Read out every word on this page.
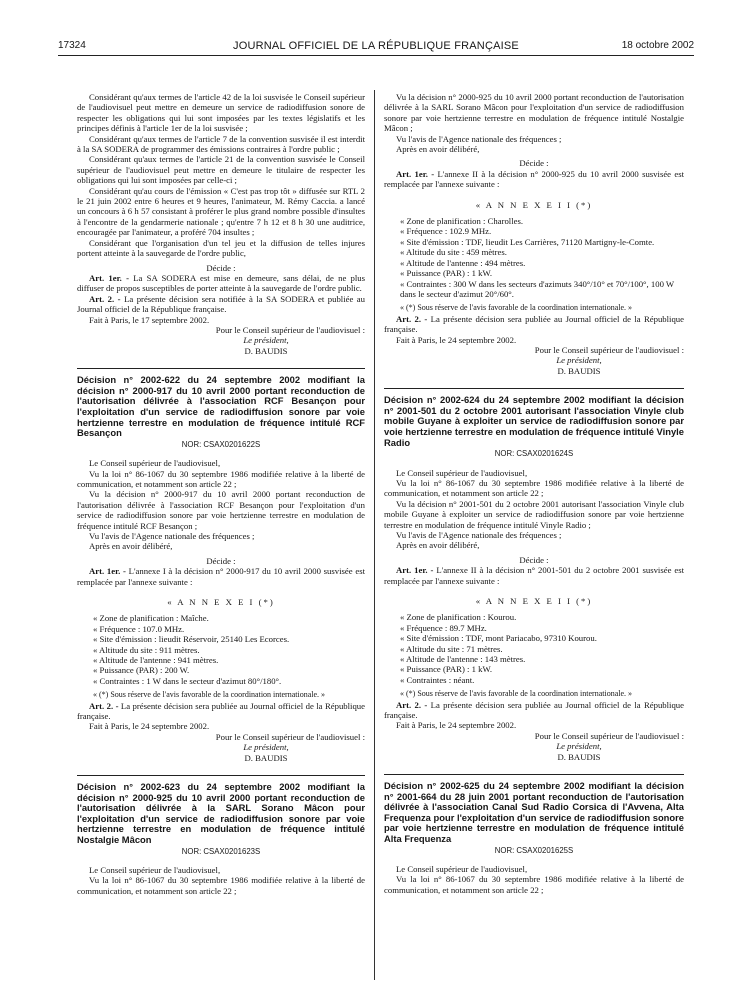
17324	JOURNAL OFFICIEL DE LA RÉPUBLIQUE FRANÇAISE	18 octobre 2002

Considérant qu'aux termes de l'article 42 de la loi susvisée le Conseil supérieur de l'audiovisuel peut mettre en demeure un service de radiodiffusion sonore de respecter les obligations qui lui sont imposées par les textes législatifs et les principes définis à l'article 1er de la loi susvisée ;

Considérant qu'aux termes de l'article 7 de la convention susvisée il est interdit à la SA SODERA de programmer des émissions contraires à l'ordre public ;

Considérant qu'aux termes de l'article 21 de la convention susvisée le Conseil supérieur de l'audiovisuel peut mettre en demeure le titulaire de respecter les obligations qui lui sont imposées par celle-ci ;

Considérant qu'au cours de l'émission « C'est pas trop tôt » diffusée sur RTL 2 le 21 juin 2002 entre 6 heures et 9 heures, l'animateur, M. Rémy Caccia. a lancé un concours à 6 h 57 consistant à proférer le plus grand nombre possible d'insultes à l'encontre de la gendarmerie nationale ; qu'entre 7 h 12 et 8 h 30 une auditrice, encouragée par l'animateur, a proféré 704 insultes ;

Considérant que l'organisation d'un tel jeu et la diffusion de telles injures portent atteinte à la sauvegarde de l'ordre public,

Décide :

Art. 1er. - La SA SODERA est mise en demeure, sans délai, de ne plus diffuser de propos susceptibles de porter atteinte à la sauvegarde de l'ordre public.

Art. 2. - La présente décision sera notifiée à la SA SODERA et publiée au Journal officiel de la République française.

Fait à Paris, le 17 septembre 2002.

Pour le Conseil supérieur de l'audiovisuel :

Le président,

D. BAUDIS

Décision n° 2002-622 du 24 septembre 2002 modifiant la décision n° 2000-917 du 10 avril 2000 portant reconduction de l'autorisation délivrée à l'association RCF Besançon pour l'exploitation d'un service de radiodiffusion sonore par voie hertzienne terrestre en modulation de fréquence intitulé RCF Besançon

NOR: CSAX0201622S

Le Conseil supérieur de l'audiovisuel,

Vu la loi n° 86-1067 du 30 septembre 1986 modifiée relative à la liberté de communication, et notamment son article 22 ;

Vu la décision n° 2000-917 du 10 avril 2000 portant reconduction de l'autorisation délivrée à l'association RCF Besançon pour l'exploitation d'un service de radiodiffusion sonore par voie hertzienne terrestre en modulation de fréquence intitulé RCF Besançon ;

Vu l'avis de l'Agence nationale des fréquences ;

Après en avoir délibéré,

Décide :

Art. 1er. - L'annexe I à la décision n° 2000-917 du 10 avril 2000 susvisée est remplacée par l'annexe suivante :

« A N N E X E I (*)

« Zone de planification : Maîche.

« Fréquence : 107.0 MHz.

« Site d'émission : lieudit Réservoir, 25140 Les Ecorces.

« Altitude du site : 911 mètres.

« Altitude de l'antenne : 941 mètres.

« Puissance (PAR) : 200 W.

« Contraintes : 1 W dans le secteur d'azimut 80°/180°.

« (*) Sous réserve de l'avis favorable de la coordination internationale. »

Art. 2. - La présente décision sera publiée au Journal officiel de la République française.

Fait à Paris, le 24 septembre 2002.

Pour le Conseil supérieur de l'audiovisuel :

Le président,

D. BAUDIS

Décision n° 2002-623 du 24 septembre 2002 modifiant la décision n° 2000-925 du 10 avril 2000 portant reconduction de l'autorisation délivrée à la SARL Sorano Mâcon pour l'exploitation d'un service de radiodiffusion sonore par voie hertzienne terrestre en modulation de fréquence intitulé Nostalgie Mâcon

NOR: CSAX0201623S

Le Conseil supérieur de l'audiovisuel,

Vu la loi n° 86-1067 du 30 septembre 1986 modifiée relative à la liberté de communication, et notamment son article 22 ;

Vu la décision n° 2000-925 du 10 avril 2000 portant reconduction de l'autorisation délivrée à la SARL Sorano Mâcon pour l'exploitation d'un service de radiodiffusion sonore par voie hertzienne terrestre en modulation de fréquence intitulé Nostalgie Mâcon ;

Vu l'avis de l'Agence nationale des fréquences ;

Après en avoir délibéré,

Décide :

Art. 1er. - L'annexe II à la décision n° 2000-925 du 10 avril 2000 susvisée est remplacée par l'annexe suivante :

« A N N E X E I I (*)

« Zone de planification : Charolles.

« Fréquence : 102.9 MHz.

« Site d'émission : TDF, lieudit Les Carrières, 71120 Martigny-le-Comte.

« Altitude du site : 459 mètres.

« Altitude de l'antenne : 494 mètres.

« Puissance (PAR) : 1 kW.

« Contraintes : 300 W dans les secteurs d'azimuts 340°/10° et 70°/100°, 100 W dans le secteur d'azimut 20°/60°.

« (*) Sous réserve de l'avis favorable de la coordination internationale. »

Art. 2. - La présente décision sera publiée au Journal officiel de la République française.

Fait à Paris, le 24 septembre 2002.

Pour le Conseil supérieur de l'audiovisuel :

Le président,

D. BAUDIS

Décision n° 2002-624 du 24 septembre 2002 modifiant la décision n° 2001-501 du 2 octobre 2001 autorisant l'association Vinyle club mobile Guyane à exploiter un service de radiodiffusion sonore par voie hertzienne terrestre en modulation de fréquence intitulé Vinyle Radio

NOR: CSAX0201624S

Le Conseil supérieur de l'audiovisuel,

Vu la loi n° 86-1067 du 30 septembre 1986 modifiée relative à la liberté de communication, et notamment son article 22 ;

Vu la décision n° 2001-501 du 2 octobre 2001 autorisant l'association Vinyle club mobile Guyane à exploiter un service de radiodiffusion sonore par voie hertzienne terrestre en modulation de fréquence intitulé Vinyle Radio ;

Vu l'avis de l'Agence nationale des fréquences ;

Après en avoir délibéré,

Décide :

Art. 1er. - L'annexe II à la décision n° 2001-501 du 2 octobre 2001 susvisée est remplacée par l'annexe suivante :

« A N N E X E I I (*)

« Zone de planification : Kourou.

« Fréquence : 89.7 MHz.

« Site d'émission : TDF, mont Pariacabo, 97310 Kourou.

« Altitude du site : 71 mètres.

« Altitude de l'antenne : 143 mètres.

« Puissance (PAR) : 1 kW.

« Contraintes : néant.

« (*) Sous réserve de l'avis favorable de la coordination internationale. »

Art. 2. - La présente décision sera publiée au Journal officiel de la République française.

Fait à Paris, le 24 septembre 2002.

Pour le Conseil supérieur de l'audiovisuel :

Le président,

D. BAUDIS

Décision n° 2002-625 du 24 septembre 2002 modifiant la décision n° 2001-664 du 28 juin 2001 portant reconduction de l'autorisation délivrée à l'association Canal Sud Radio Corsica di l'Avvena, Alta Frequenza pour l'exploitation d'un service de radiodiffusion sonore par voie hertzienne terrestre en modulation de fréquence intitulé Alta Frequenza

NOR: CSAX0201625S

Le Conseil supérieur de l'audiovisuel,

Vu la loi n° 86-1067 du 30 septembre 1986 modifiée relative à la liberté de communication, et notamment son article 22 ;
